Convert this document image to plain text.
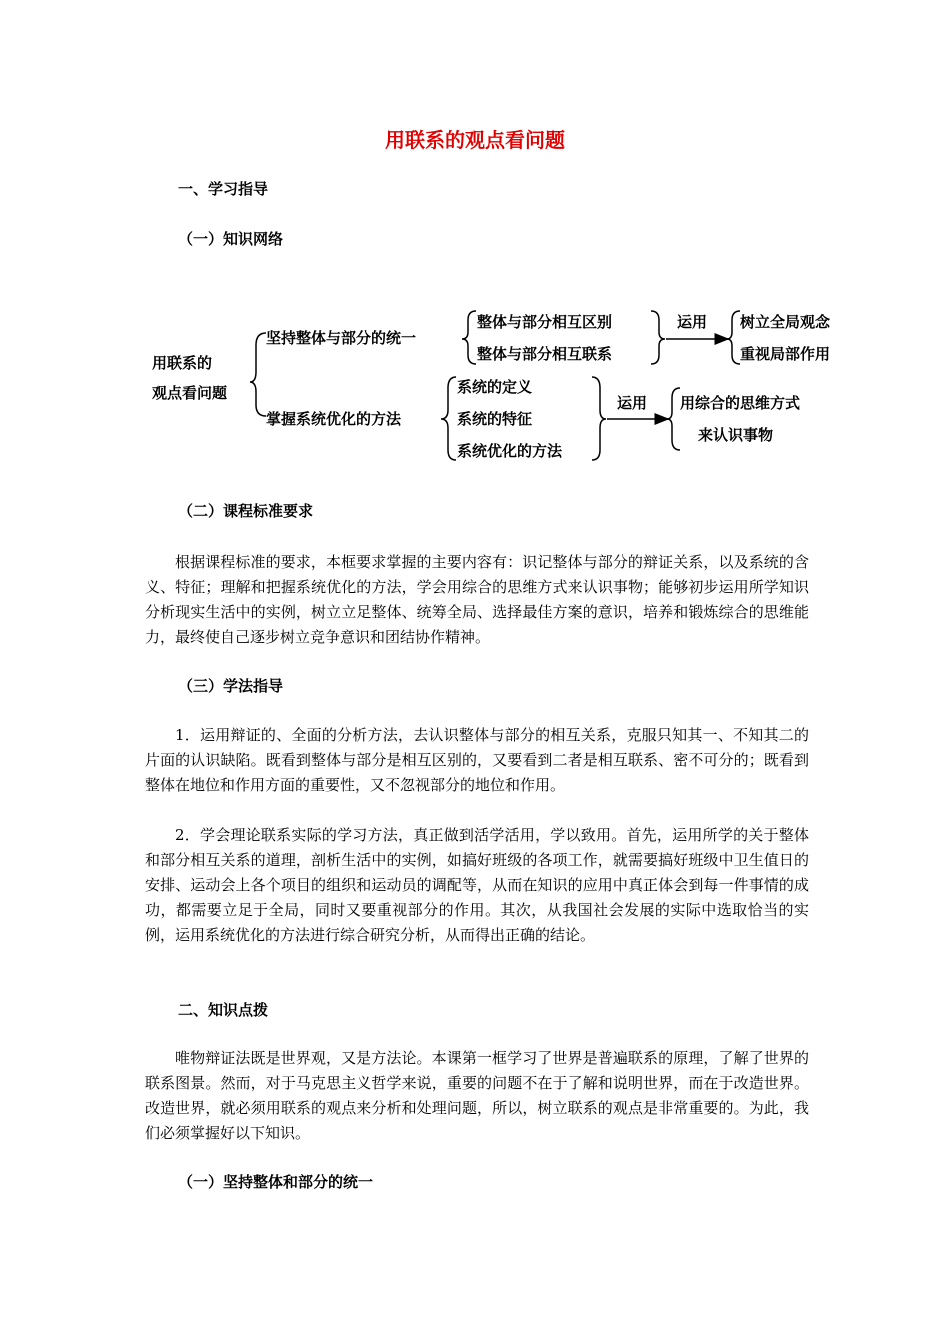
用联系的观点看问题
一、学习指导
（一）知识网络
用联系的
观点看问题
坚持整体与部分的统一
整体与部分相互区别
整体与部分相互联系
运用 树立全局观念
重视局部作用
掌握系统优化的方法
系统的定义
系统的特征
系统优化的方法
运用 用综合的思维方式
来认识事物
（二）课程标准要求

根据课程标准的要求，本框要求掌握的主要内容有：识记整体与部分的辩证关系，以及系统的含义、特征；理解和把握系统优化的方法，学会用综合的思维方式来认识事物；能够初步运用所学知识分析现实生活中的实例，树立立足整体、统筹全局、选择最佳方案的意识，培养和锻炼综合的思维能力，最终使自己逐步树立竞争意识和团结协作精神。

（三）学法指导

1．运用辩证的、全面的分析方法，去认识整体与部分的相互关系，克服只知其一、不知其二的片面的认识缺陷。既看到整体与部分是相互区别的，又要看到二者是相互联系、密不可分的；既看到整体在地位和作用方面的重要性，又不忽视部分的地位和作用。

2．学会理论联系实际的学习方法，真正做到活学活用，学以致用。首先，运用所学的关于整体和部分相互关系的道理，剖析生活中的实例，如搞好班级的各项工作，就需要搞好班级中卫生值日的安排、运动会上各个项目的组织和运动员的调配等，从而在知识的应用中真正体会到每一件事情的成功，都需要立足于全局，同时又要重视部分的作用。其次，从我国社会发展的实际中选取恰当的实例，运用系统优化的方法进行综合研究分析，从而得出正确的结论。

二、知识点拨

唯物辩证法既是世界观，又是方法论。本课第一框学习了世界是普遍联系的原理，了解了世界的联系图景。然而，对于马克思主义哲学来说，重要的问题不在于了解和说明世界，而在于改造世界。改造世界，就必须用联系的观点来分析和处理问题，所以，树立联系的观点是非常重要的。为此，我们必须掌握好以下知识。

（一）坚持整体和部分的统一
